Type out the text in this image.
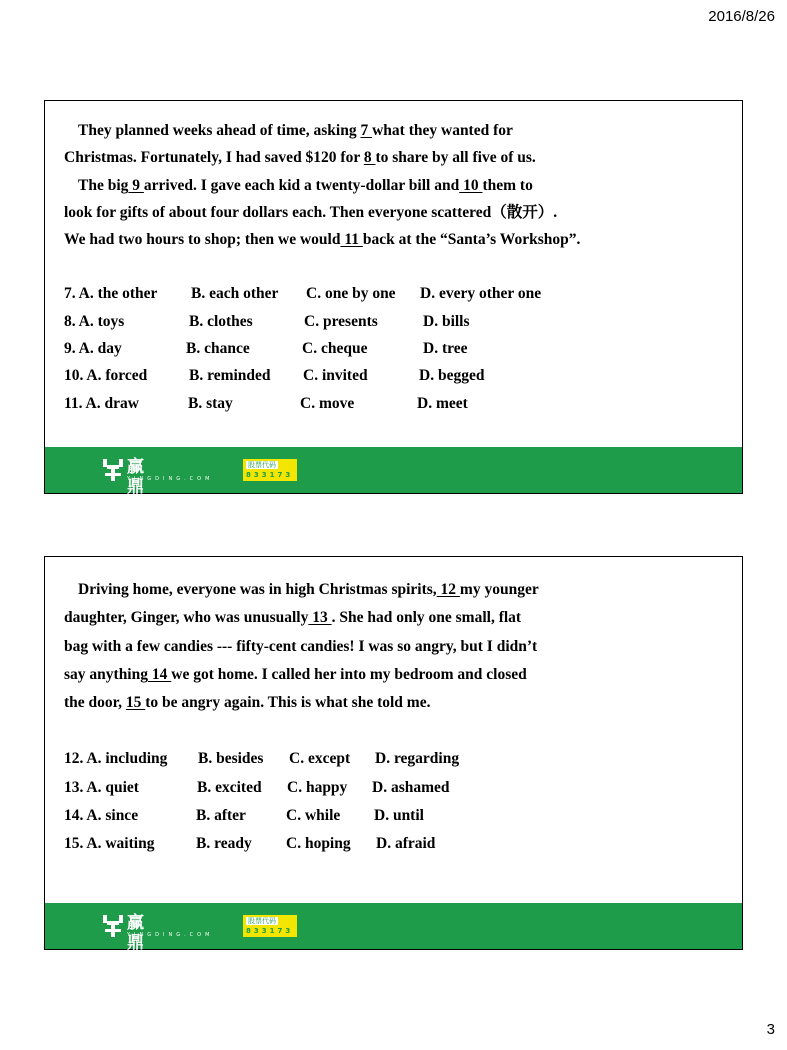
2016/8/26
They planned weeks ahead of time, asking 7 what they wanted for
Christmas. Fortunately, I had saved $120 for 8 to share by all five of us.
The big 9 arrived. I gave each kid a twenty-dollar bill and 10 them to
look for gifts of about four dollars each. Then everyone scattered（散开）.
We had two hours to shop; then we would 11 back at the “Santa’s Workshop”.
7. A. the other B. each other C. one by one D. every other one
8. A. toys	B. clothes	C. presents	D. bills
9. A. day	B. chance	C. cheque	D. tree
10. A. forced	B. reminded C. invited	D. begged
11. A. draw	B. stay	C. move	D. meet
赢鼎教育
YINGDING.COM
股票代码
833173
Driving home, everyone was in high Christmas spirits, 12 my younger
daughter, Ginger, who was unusually 13 . She had only one small, flat
bag with a few candies --- fifty-cent candies! I was so angry, but I didn’t
say anything 14 we got home. I called her into my bedroom and closed
the door, 15 to be angry again. This is what she told me.
12. A. including B. besides C. except D. regarding
13. A. quiet	B. excited C. happy D. ashamed
14. A. since	B. after	C. while D. until
15. A. waiting	B. ready C. hoping D. afraid
赢鼎教育
YINGDING.COM
股票代码
833173
3
